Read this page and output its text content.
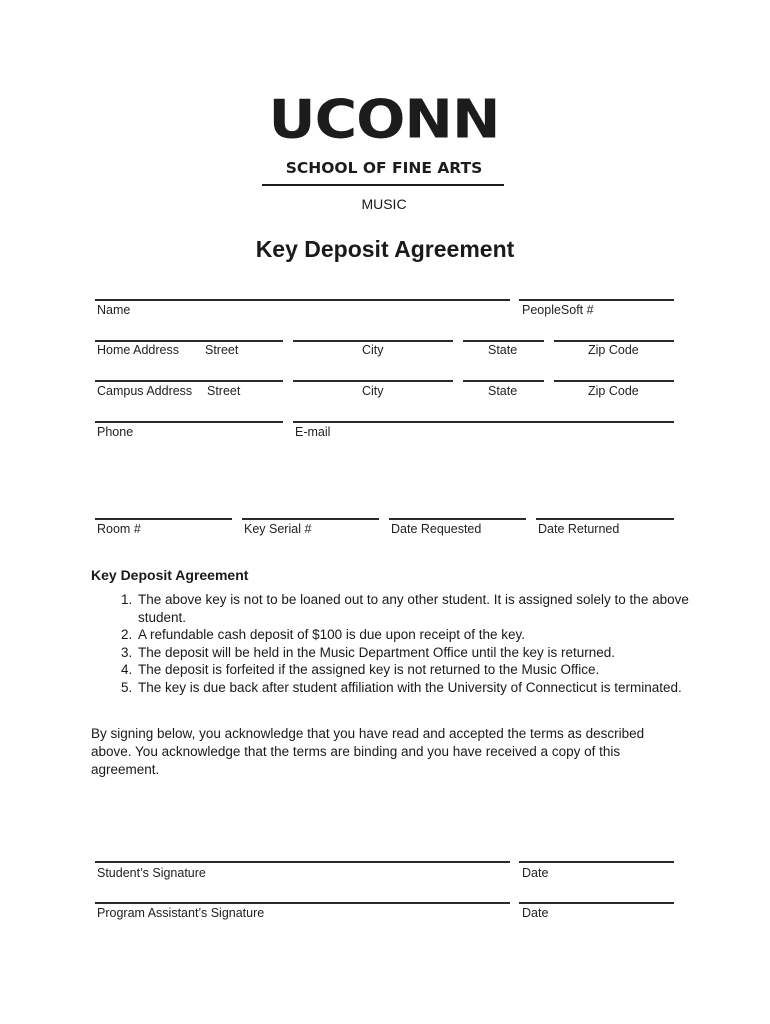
UCONN
SCHOOL OF FINE ARTS
MUSIC
Key Deposit Agreement
Name	PeopleSoft #
Home Address Street	City	State	Zip Code
Campus Address Street	City	State	Zip Code
Phone	E-mail
Room #	Key Serial #	Date Requested	Date Returned
Key Deposit Agreement
1. The above key is not to be loaned out to any other student. It is assigned solely to the above student.
2. A refundable cash deposit of $100 is due upon receipt of the key.
3. The deposit will be held in the Music Department Office until the key is returned.
4. The deposit is forfeited if the assigned key is not returned to the Music Office.
5. The key is due back after student affiliation with the University of Connecticut is terminated.
By signing below, you acknowledge that you have read and accepted the terms as described above. You acknowledge that the terms are binding and you have received a copy of this agreement.
Student’s Signature	Date
Program Assistant’s Signature	Date
